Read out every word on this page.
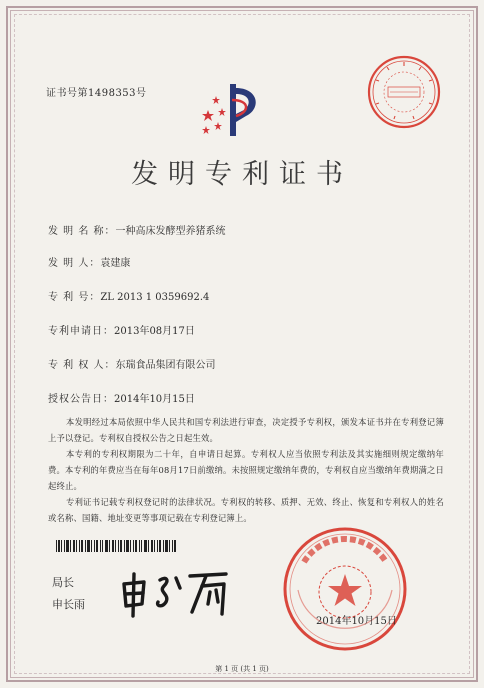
证书号第1498353号
发明专利证书
发 明 名 称：一种高床发酵型养猪系统
发 明 人：袁建康
专 利 号：ZL 2013 1 0359692.4
专利申请日：2013年08月17日
专 利 权 人：东瑞食品集团有限公司
授权公告日：2014年10月15日

本发明经过本局依照中华人民共和国专利法进行审查，决定授予专利权，颁发本证书并在专利登记簿上予以登记。专利权自授权公告之日起生效。

本专利的专利权期限为二十年，自申请日起算。专利权人应当依照专利法及其实施细则规定缴纳年费。本专利的年费应当在每年08月17日前缴纳。未按照规定缴纳年费的，专利权自应当缴纳年费期满之日起终止。

专利证书记载专利权登记时的法律状况。专利权的转移、质押、无效、终止、恢复和专利权人的姓名或名称、国籍、地址变更等事项记载在专利登记簿上。

局长
申长雨
2014年10月15日
第 1 页 (共 1 页)
